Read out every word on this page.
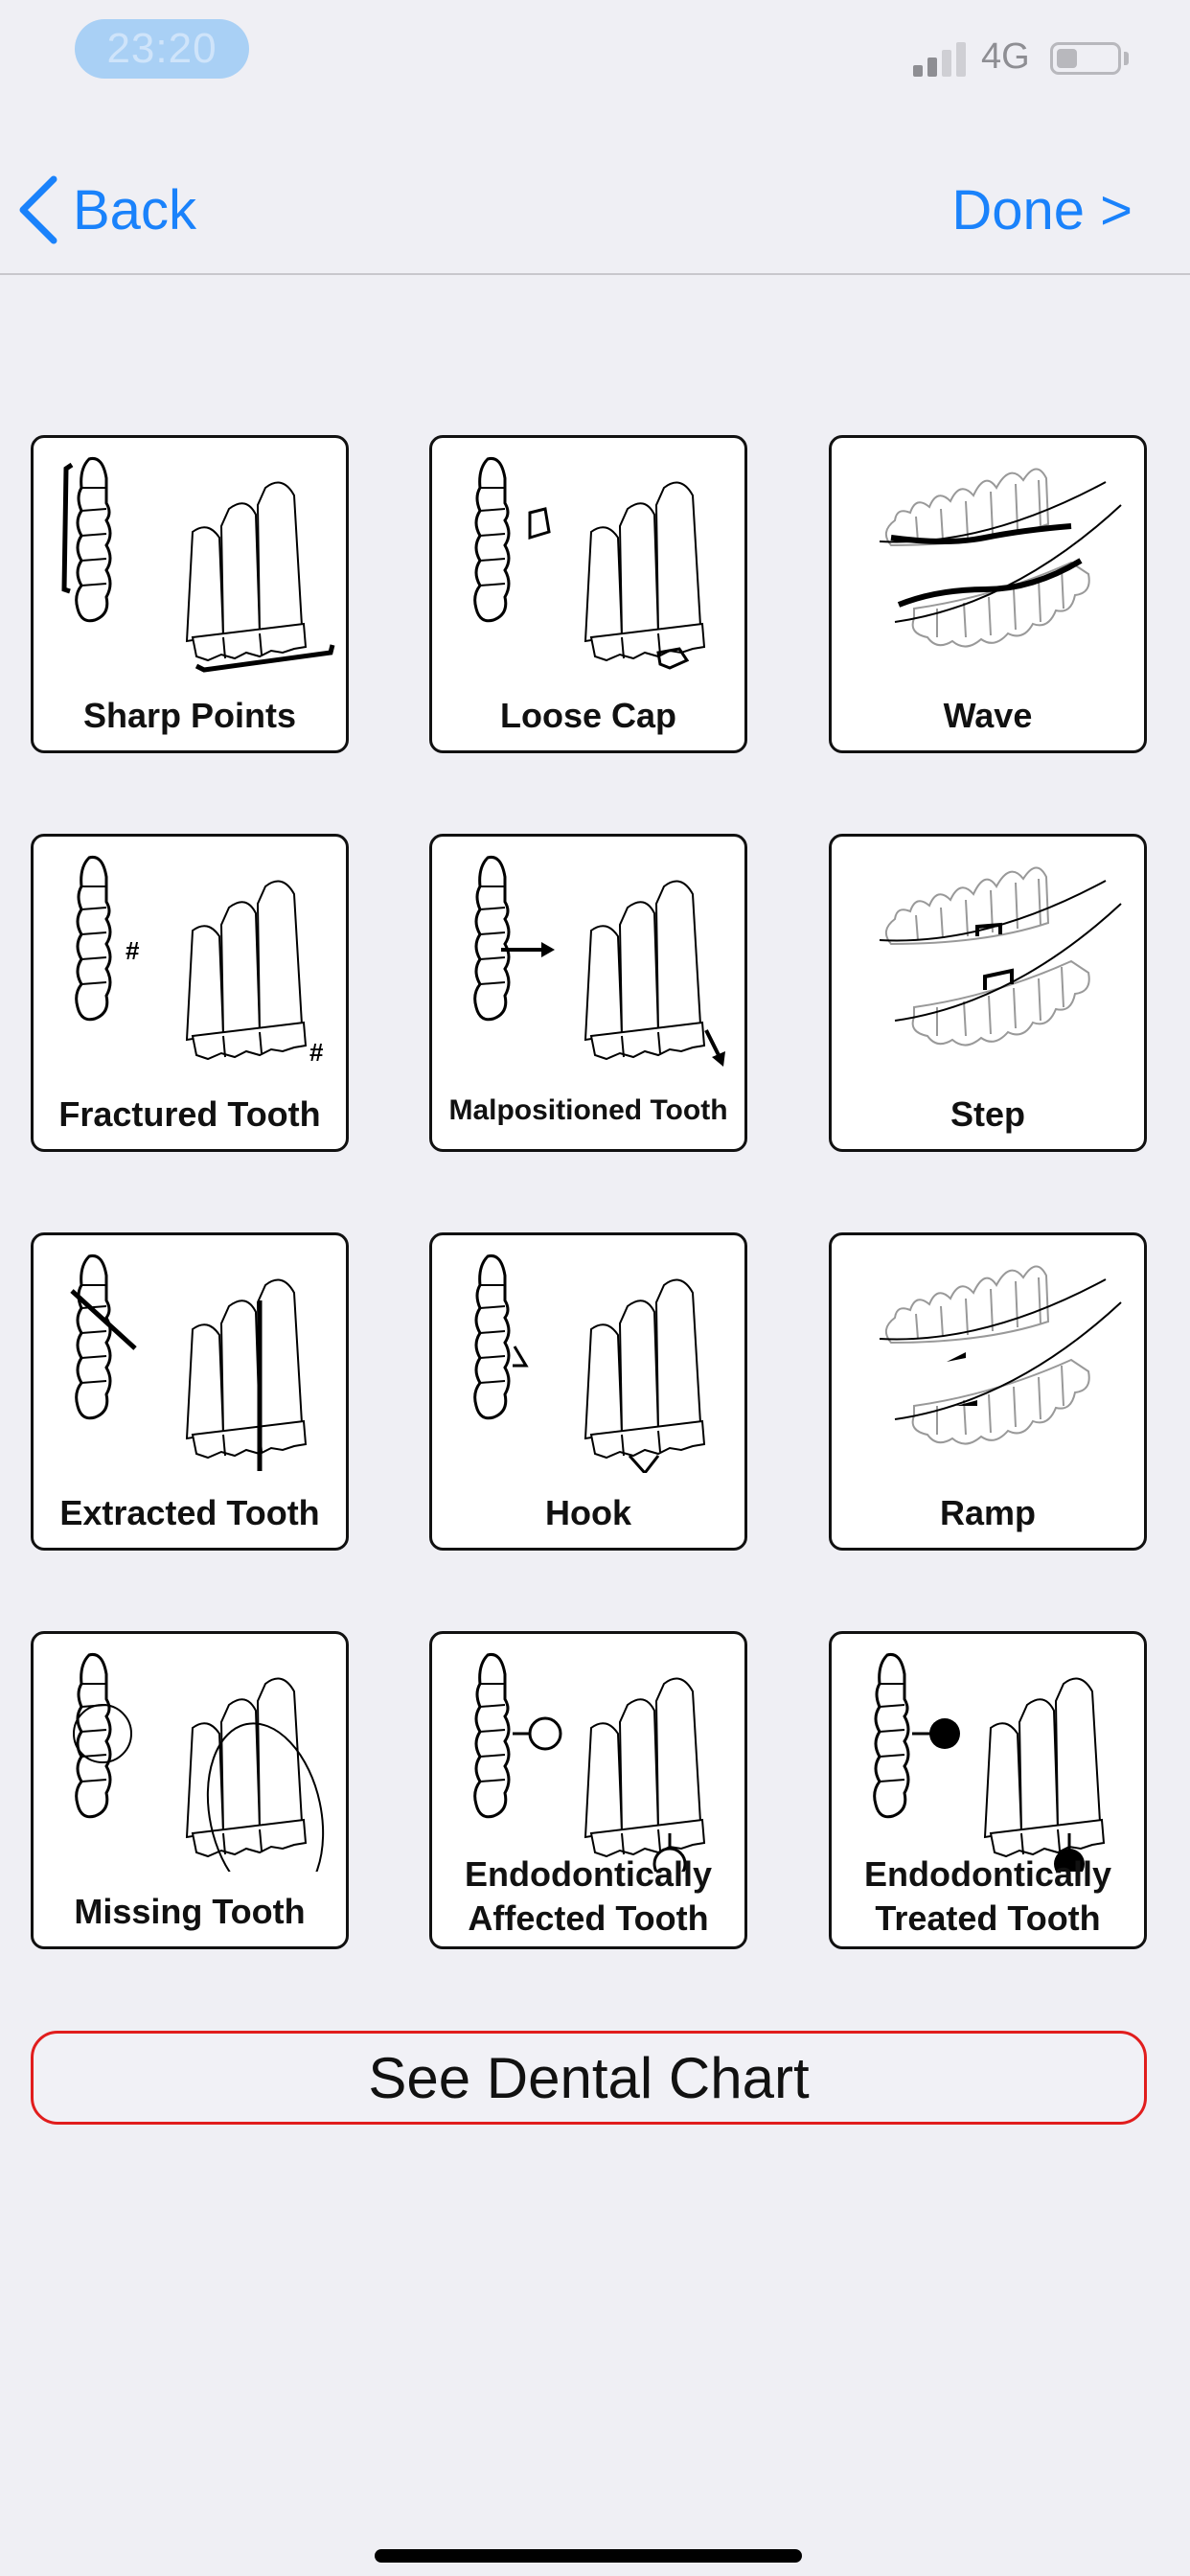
23:20	4G
Back	Done >
Sharp Points	Loose Cap	Wave
#
#
Fractured Tooth	Malpositioned Tooth	Step
Extracted Tooth	Hook	Ramp
Missing Tooth
Endodontically
Affected Tooth
Endodontically
Treated Tooth
See Dental Chart
